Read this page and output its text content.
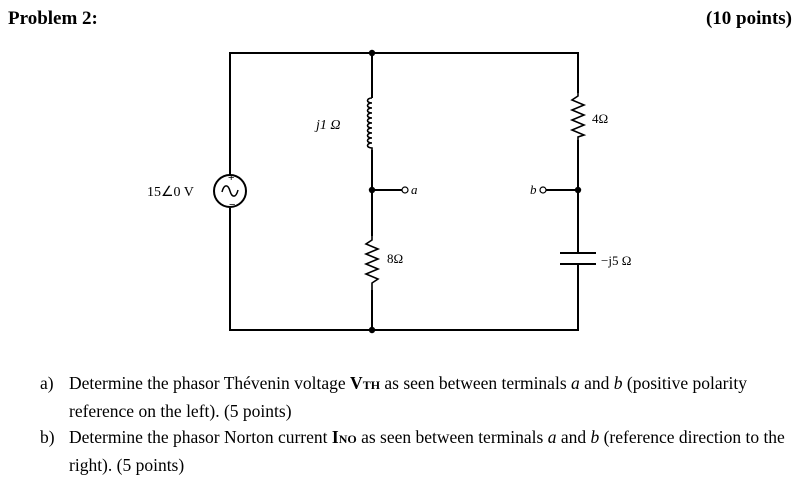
Problem 2:	(10 points)
+
−
15∠0 V
j1 Ω	4Ω
8Ω	−j5 Ω
a	b
a) Determine the phasor Thévenin voltage VTH as seen between terminals a and b (positive polarity reference on the left). (5 points)
b) Determine the phasor Norton current INO as seen between terminals a and b (reference direction to the right). (5 points)
